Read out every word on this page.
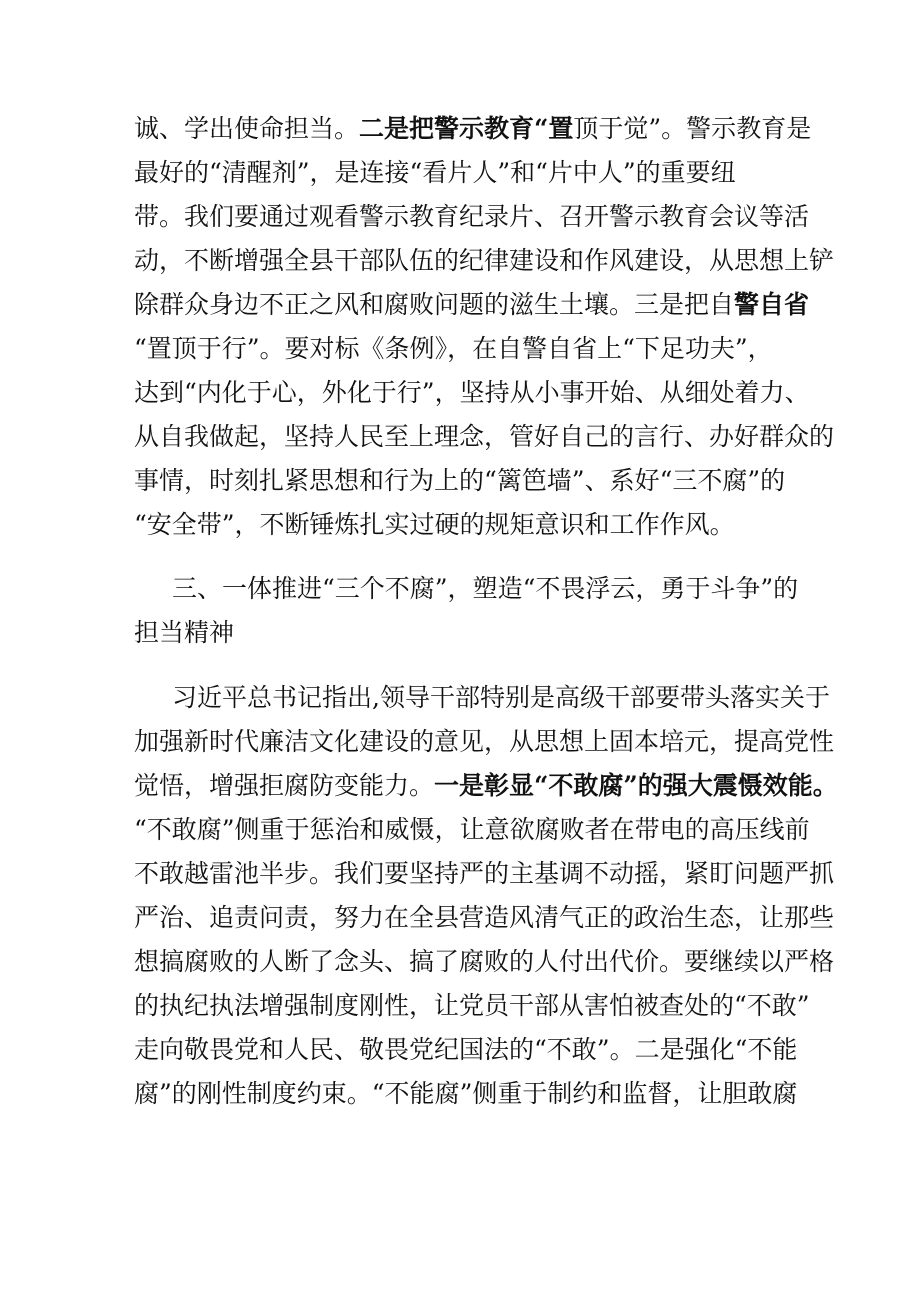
诚、学出使命担当。二是把警示教育“置顶于觉”。警示教育是
最好的“清醒剂”，是连接“看片人”和“片中人”的重要纽
带。我们要通过观看警示教育纪录片、召开警示教育会议等活
动，不断增强全县干部队伍的纪律建设和作风建设，从思想上铲
除群众身边不正之风和腐败问题的滋生土壤。三是把自警自省
“置顶于行”。要对标《条例》，在自警自省上“下足功夫”，
达到“内化于心，外化于行”，坚持从小事开始、从细处着力、
从自我做起，坚持人民至上理念，管好自己的言行、办好群众的
事情，时刻扎紧思想和行为上的“篱笆墙”、系好“三不腐”的
“安全带”，不断锤炼扎实过硬的规矩意识和工作作风。
三、一体推进“三个不腐”，塑造“不畏浮云，勇于斗争”的
担当精神
习近平总书记指出,领导干部特别是高级干部要带头落实关于
加强新时代廉洁文化建设的意见，从思想上固本培元，提高党性
觉悟，增强拒腐防变能力。一是彰显“不敢腐”的强大震慑效能。
“不敢腐”侧重于惩治和威慑，让意欲腐败者在带电的高压线前
不敢越雷池半步。我们要坚持严的主基调不动摇，紧盯问题严抓
严治、追责问责，努力在全县营造风清气正的政治生态，让那些
想搞腐败的人断了念头、搞了腐败的人付出代价。要继续以严格
的执纪执法增强制度刚性，让党员干部从害怕被查处的“不敢”
走向敬畏党和人民、敬畏党纪国法的“不敢”。二是强化“不能
腐”的刚性制度约束。“不能腐”侧重于制约和监督，让胆敢腐
